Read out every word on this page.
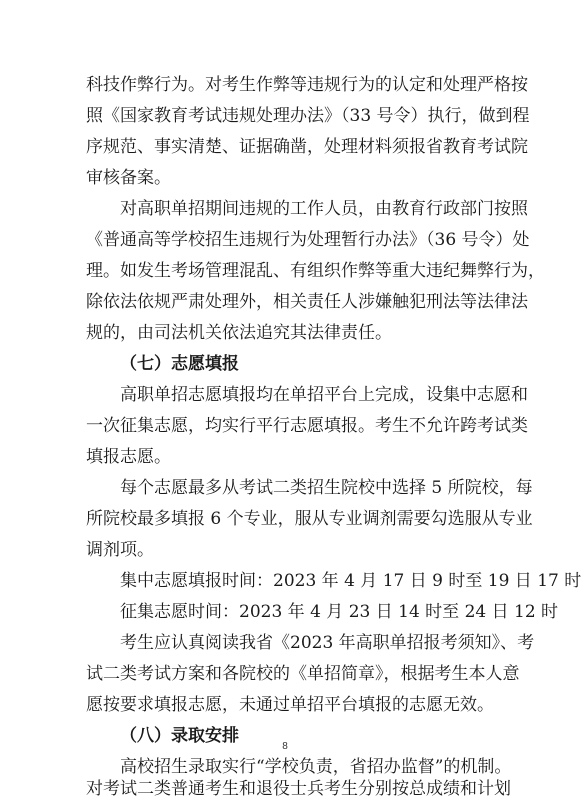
科技作弊行为。对考生作弊等违规行为的认定和处理严格按
照《国家教育考试违规处理办法》（33 号令）执行，做到程
序规范、事实清楚、证据确凿，处理材料须报省教育考试院
审核备案。
对高职单招期间违规的工作人员，由教育行政部门按照
《普通高等学校招生违规行为处理暂行办法》（36 号令）处
理。如发生考场管理混乱、有组织作弊等重大违纪舞弊行为，
除依法依规严肃处理外，相关责任人涉嫌触犯刑法等法律法
规的，由司法机关依法追究其法律责任。
（七）志愿填报
高职单招志愿填报均在单招平台上完成，设集中志愿和
一次征集志愿，均实行平行志愿填报。考生不允许跨考试类
填报志愿。
每个志愿最多从考试二类招生院校中选择 5 所院校，每
所院校最多填报 6 个专业，服从专业调剂需要勾选服从专业
调剂项。
集中志愿填报时间：2023 年 4 月 17 日 9 时至 19 日 17 时
征集志愿时间：2023 年 4 月 23 日 14 时至 24 日 12 时
考生应认真阅读我省《2023 年高职单招报考须知》、考
试二类考试方案和各院校的《单招简章》，根据考生本人意
愿按要求填报志愿，未通过单招平台填报的志愿无效。
（八）录取安排
高校招生录取实行“学校负责，省招办监督”的机制。
对考试二类普通考生和退役士兵考生分别按总成绩和计划
8
